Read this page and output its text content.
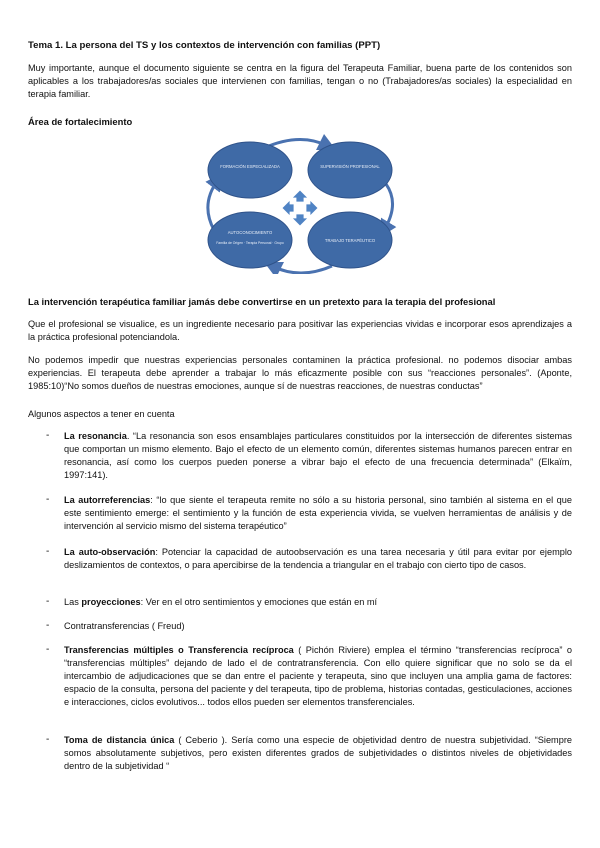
Tema 1. La persona del TS y los contextos de intervención con familias (PPT)
Muy importante, aunque el documento siguiente se centra en la figura del Terapeuta Familiar, buena parte de los contenidos son aplicables a los trabajadores/as sociales que intervienen con familias, tengan o no (Trabajadores/as sociales) la especialidad en terapia familiar.
Área de fortalecimiento
FORMACIÓN ESPECIALIZADA	SUPERVISIÓN PROFESIONAL
AUTOCONOCIMIENTO
Familia de Origen · Terapia Personal · Grupo	TRABAJO TERAPÉUTICO
La intervención terapéutica familiar jamás debe convertirse en un pretexto para la terapia del profesional
Que el profesional se visualice, es un ingrediente necesario para positivar las experiencias vividas e incorporar esos aprendizajes a la práctica profesional potenciandola.
No podemos impedir que nuestras experiencias personales contaminen la práctica profesional. no podemos disociar ambas experiencias. El terapeuta debe aprender a trabajar lo más eficazmente posible con sus “reacciones personales”. (Aponte, 1985:10)“No somos dueños de nuestras emociones, aunque sí de nuestras reacciones, de nuestras conductas”
Algunos aspectos a tener en cuenta
- La resonancia. “La resonancia son esos ensamblajes particulares constituidos por la intersección de diferentes sistemas que comportan un mismo elemento. Bajo el efecto de un elemento común, diferentes sistemas humanos parecen entrar en resonancia, así como los cuerpos pueden ponerse a vibrar bajo el efecto de una frecuencia determinada” (Elkaïm, 1997:141).
- La autorreferencias: “lo que siente el terapeuta remite no sólo a su historia personal, sino también al sistema en el que este sentimiento emerge: el sentimiento y la función de esta experiencia vivida, se vuelven herramientas de análisis y de intervención al servicio mismo del sistema terapéutico”
- La auto-observación: Potenciar la capacidad de autoobservación es una tarea necesaria y útil para evitar por ejemplo deslizamientos de contextos, o para apercibirse de la tendencia a triangular en el trabajo con cierto tipo de casos.
- Las proyecciones: Ver en el otro sentimientos y emociones que están en mí
- Contratransferencias ( Freud)
- Transferencias múltiples o Transferencia recíproca ( Pichón Riviere) emplea el término “transferencias recíproca” o “transferencias múltiples” dejando de lado el de contratransferencia. Con ello quiere significar que no solo se da el intercambio de adjudicaciones que se dan entre el paciente y terapeuta, sino que incluyen una amplia gama de factores: espacio de la consulta, persona del paciente y del terapeuta, tipo de problema, historias contadas, gesticulaciones, acciones e interacciones, ciclos evolutivos... todos ellos pueden ser elementos transferenciales.
- Toma de distancia única ( Ceberio ). Sería como una especie de objetividad dentro de nuestra subjetividad. “Siempre somos absolutamente subjetivos, pero existen diferentes grados de subjetividades o distintos niveles de objetividades dentro de la subjetividad “
